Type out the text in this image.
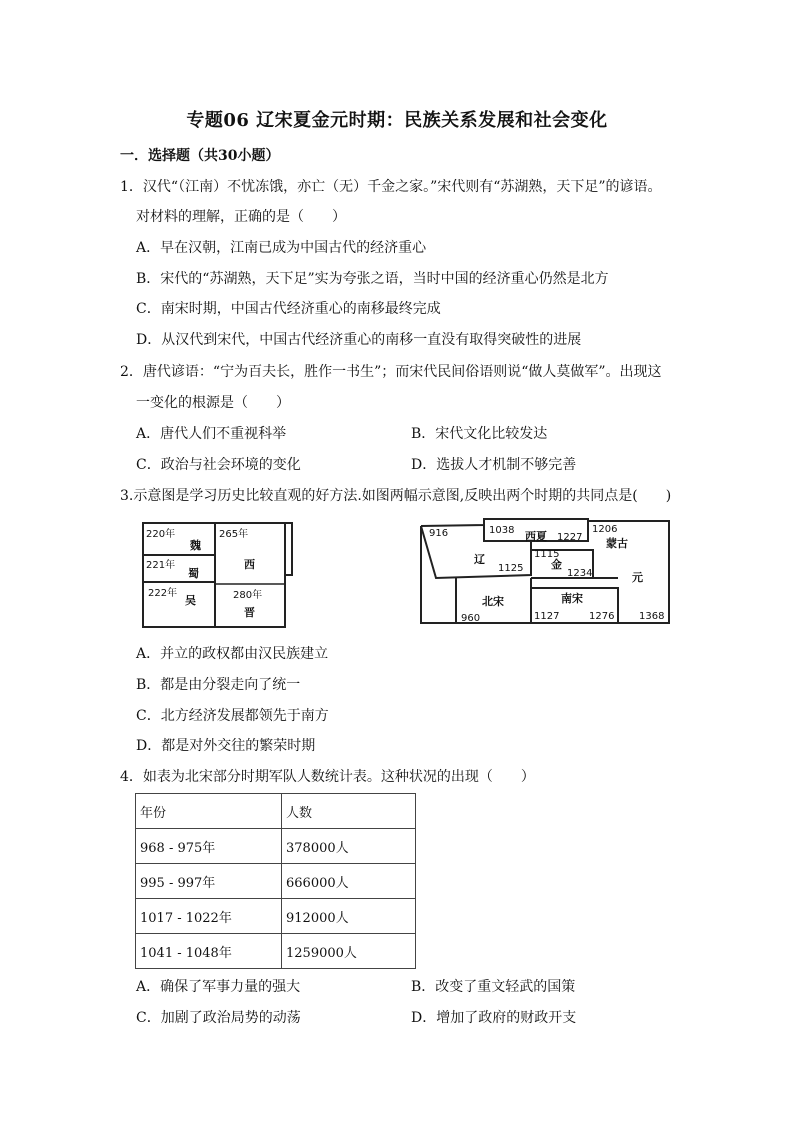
专题06 辽宋夏金元时期：民族关系发展和社会变化
一．选择题（共30小题）
1．汉代“（江南）不忧冻饿，亦亡（无）千金之家。”宋代则有“苏湖熟，天下足”的谚语。
对材料的理解，正确的是（　　）
A．早在汉朝，江南已成为中国古代的经济重心
B．宋代的“苏湖熟，天下足”实为夸张之语，当时中国的经济重心仍然是北方
C．南宋时期，中国古代经济重心的南移最终完成
D．从汉代到宋代，中国古代经济重心的南移一直没有取得突破性的进展
2．唐代谚语：“宁为百夫长，胜作一书生”；而宋代民间俗语则说“做人莫做军”。出现这
一变化的根源是（　　）
A．唐代人们不重视科举	B．宋代文化比较发达
C．政治与社会环境的变化	D．选拔人才机制不够完善
3.示意图是学习历史比较直观的好方法.如图两幅示意图,反映出两个时期的共同点是(　　)
220年
魏
221年
蜀
222年
吴
265年
西
280年
晋
916
辽
1125
1038 西夏 1227
1115
金
1234
1206
蒙古
元
北宋
960
南宋
1127	1276 1368
A．并立的政权都由汉民族建立
B．都是由分裂走向了统一
C．北方经济发展都领先于南方
D．都是对外交往的繁荣时期
4．如表为北宋部分时期军队人数统计表。这种状况的出现（　　）
年份	人数
968 - 975年	378000人
995 - 997年	666000人
1017 - 1022年	912000人
1041 - 1048年	1259000人
A．确保了军事力量的强大	B．改变了重文轻武的国策
C．加剧了政治局势的动荡	D．增加了政府的财政开支
